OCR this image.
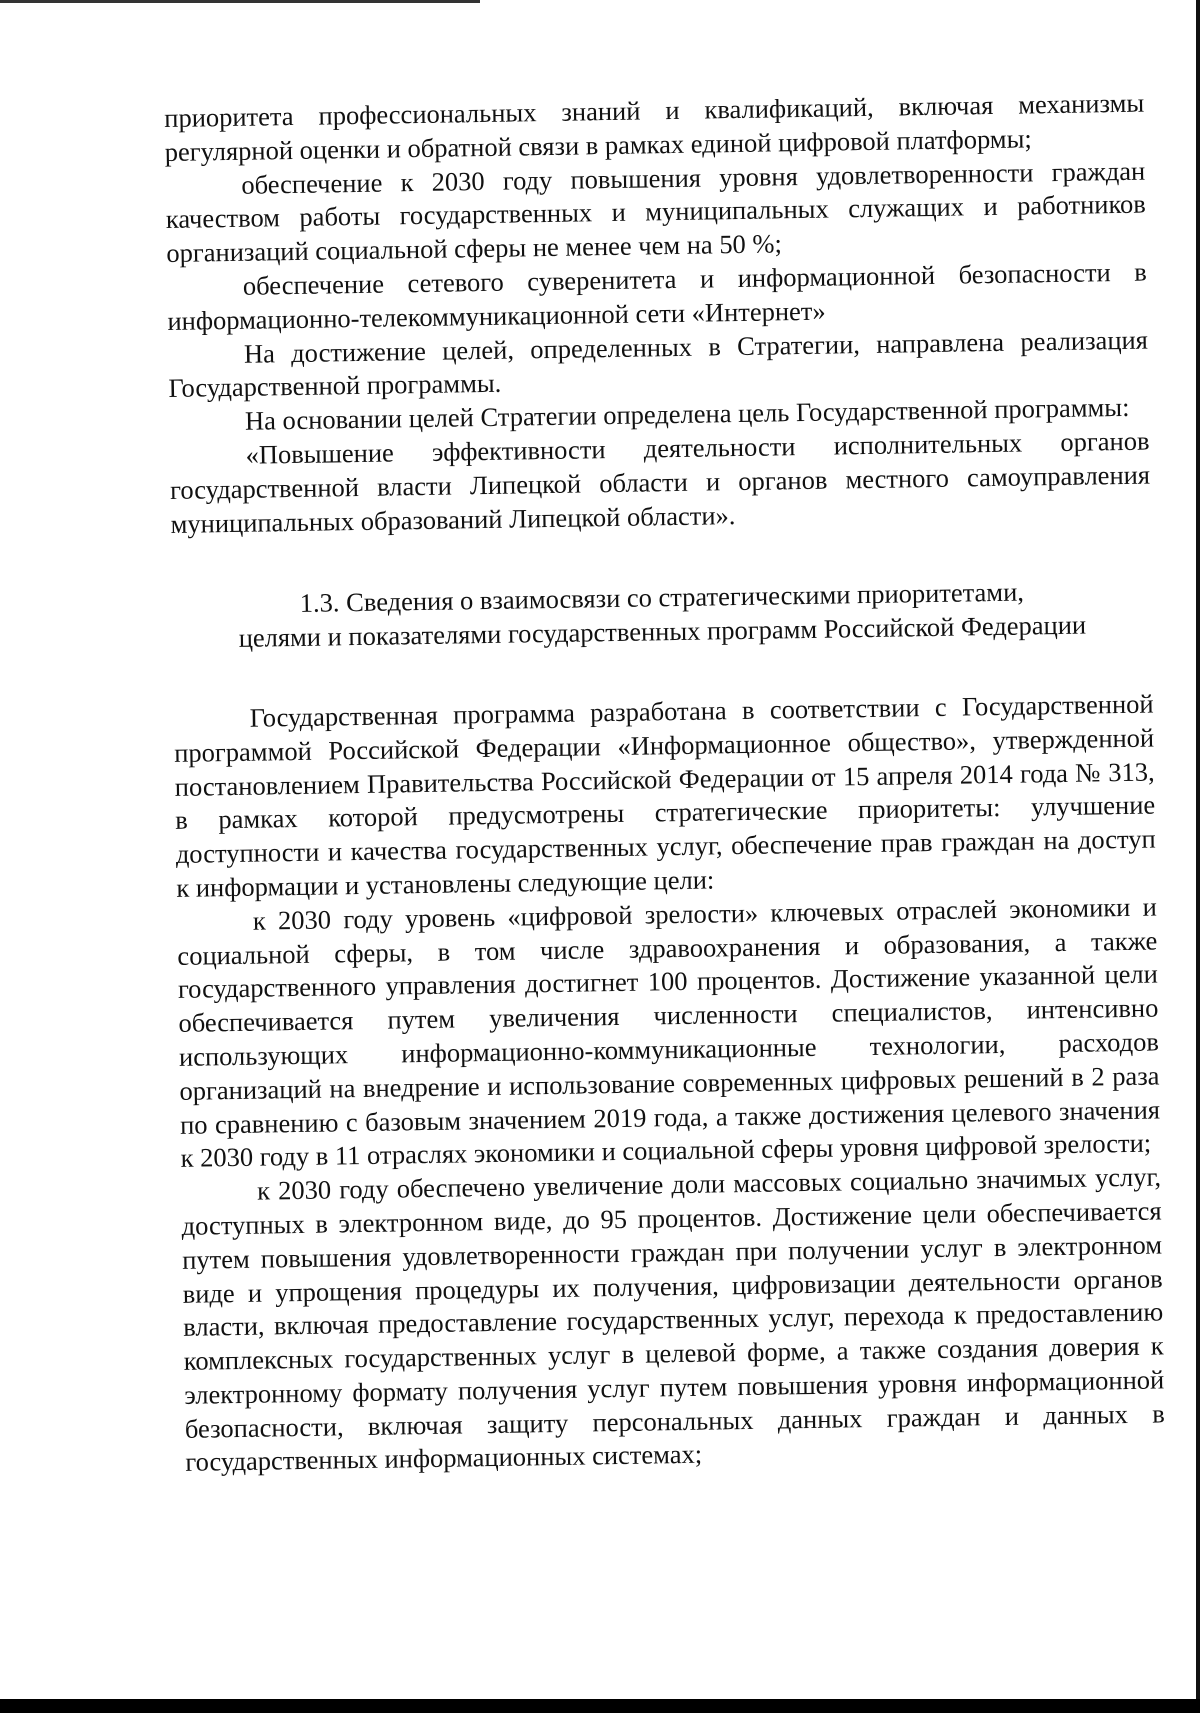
приоритета профессиональных знаний и квалификаций, включая механизмы регулярной оценки и обратной связи в рамках единой цифровой платформы;

обеспечение к 2030 году повышения уровня удовлетворенности граждан качеством работы государственных и муниципальных служащих и работников организаций социальной сферы не менее чем на 50 %;

обеспечение сетевого суверенитета и информационной безопасности в информационно-телекоммуникационной сети «Интернет»

На достижение целей, определенных в Стратегии, направлена реализация Государственной программы.

На основании целей Стратегии определена цель Государственной программы:

«Повышение эффективности деятельности исполнительных органов государственной власти Липецкой области и органов местного самоуправления муниципальных образований Липецкой области».

1.3. Сведения о взаимосвязи со стратегическими приоритетами,
целями и показателями государственных программ Российской Федерации

Государственная программа разработана в соответствии с Государственной программой Российской Федерации «Информационное общество», утвержденной постановлением Правительства Российской Федерации от 15 апреля 2014 года № 313, в рамках которой предусмотрены стратегические приоритеты: улучшение доступности и качества государственных услуг, обеспечение прав граждан на доступ к информации и установлены следующие цели:

к 2030 году уровень «цифровой зрелости» ключевых отраслей экономики и социальной сферы, в том числе здравоохранения и образования, а также государственного управления достигнет 100 процентов. Достижение указанной цели обеспечивается путем увеличения численности специалистов, интенсивно использующих информационно-коммуникационные технологии, расходов организаций на внедрение и использование современных цифровых решений в 2 раза по сравнению с базовым значением 2019 года, а также достижения целевого значения к 2030 году в 11 отраслях экономики и социальной сферы уровня цифровой зрелости;

к 2030 году обеспечено увеличение доли массовых социально значимых услуг, доступных в электронном виде, до 95 процентов. Достижение цели обеспечивается путем повышения удовлетворенности граждан при получении услуг в электронном виде и упрощения процедуры их получения, цифровизации деятельности органов власти, включая предоставление государственных услуг, перехода к предоставлению комплексных государственных услуг в целевой форме, а также создания доверия к электронному формату получения услуг путем повышения уровня информационной безопасности, включая защиту персональных данных граждан и данных в государственных информационных системах;
